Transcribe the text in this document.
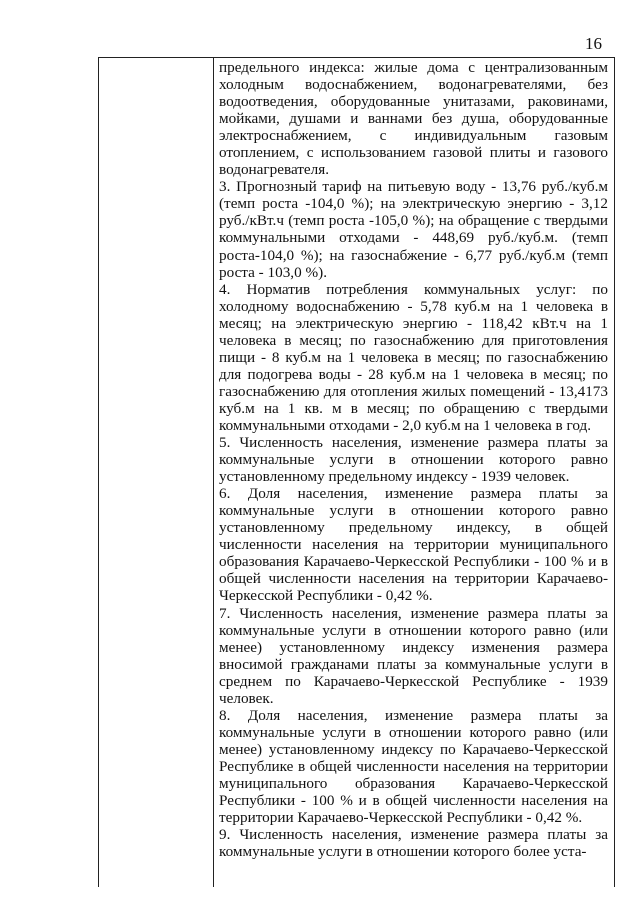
16

предельного индекса: жилые дома с централизованным холодным водоснабжением, водонагревателями, без водоотведения, оборудованные унитазами, раковинами, мойками, душами и ваннами без душа, оборудованные электроснабжением, с индивидуальным газовым отоплением, с использованием газовой плиты и газового водонагревателя.

3. Прогнозный тариф на питьевую воду - 13,76 руб./куб.м (темп роста -104,0 %); на электрическую энергию - 3,12 руб./кВт.ч (темп роста -105,0 %); на обращение с твердыми коммунальными отходами - 448,69 руб./куб.м. (темп роста-104,0 %); на газоснабжение - 6,77 руб./куб.м (темп роста - 103,0 %).

4. Норматив потребления коммунальных услуг: по холодному водоснабжению - 5,78 куб.м на 1 человека в месяц; на электрическую энергию - 118,42 кВт.ч на 1 человека в месяц; по газоснабжению для приготовления пищи - 8 куб.м на 1 человека в месяц; по газоснабжению для подогрева воды - 28 куб.м на 1 человека в месяц; по газоснабжению для отопления жилых помещений - 13,4173 куб.м на 1 кв. м в месяц; по обращению с твердыми коммунальными отходами - 2,0 куб.м на 1 человека в год.

5. Численность населения, изменение размера платы за коммунальные услуги в отношении которого равно установленному предельному индексу - 1939 человек.

6. Доля населения, изменение размера платы за коммунальные услуги в отношении которого равно установленному предельному индексу, в общей численности населения на территории муниципального образования Карачаево-Черкесской Республики - 100 % и в общей численности населения на территории Карачаево-Черкесской Республики - 0,42 %.

7. Численность населения, изменение размера платы за коммунальные услуги в отношении которого равно (или менее) установленному индексу изменения размера вносимой гражданами платы за коммунальные услуги в среднем по Карачаево-Черкесской Республике - 1939 человек.

8. Доля населения, изменение размера платы за коммунальные услуги в отношении которого равно (или менее) установленному индексу по Карачаево-Черкесской Республике в общей численности населения на территории муниципального образования Карачаево-Черкесской Республики - 100 % и в общей численности населения на территории Карачаево-Черкесской Республики - 0,42 %.

9. Численность населения, изменение размера платы за коммунальные услуги в отношении которого более уста-
